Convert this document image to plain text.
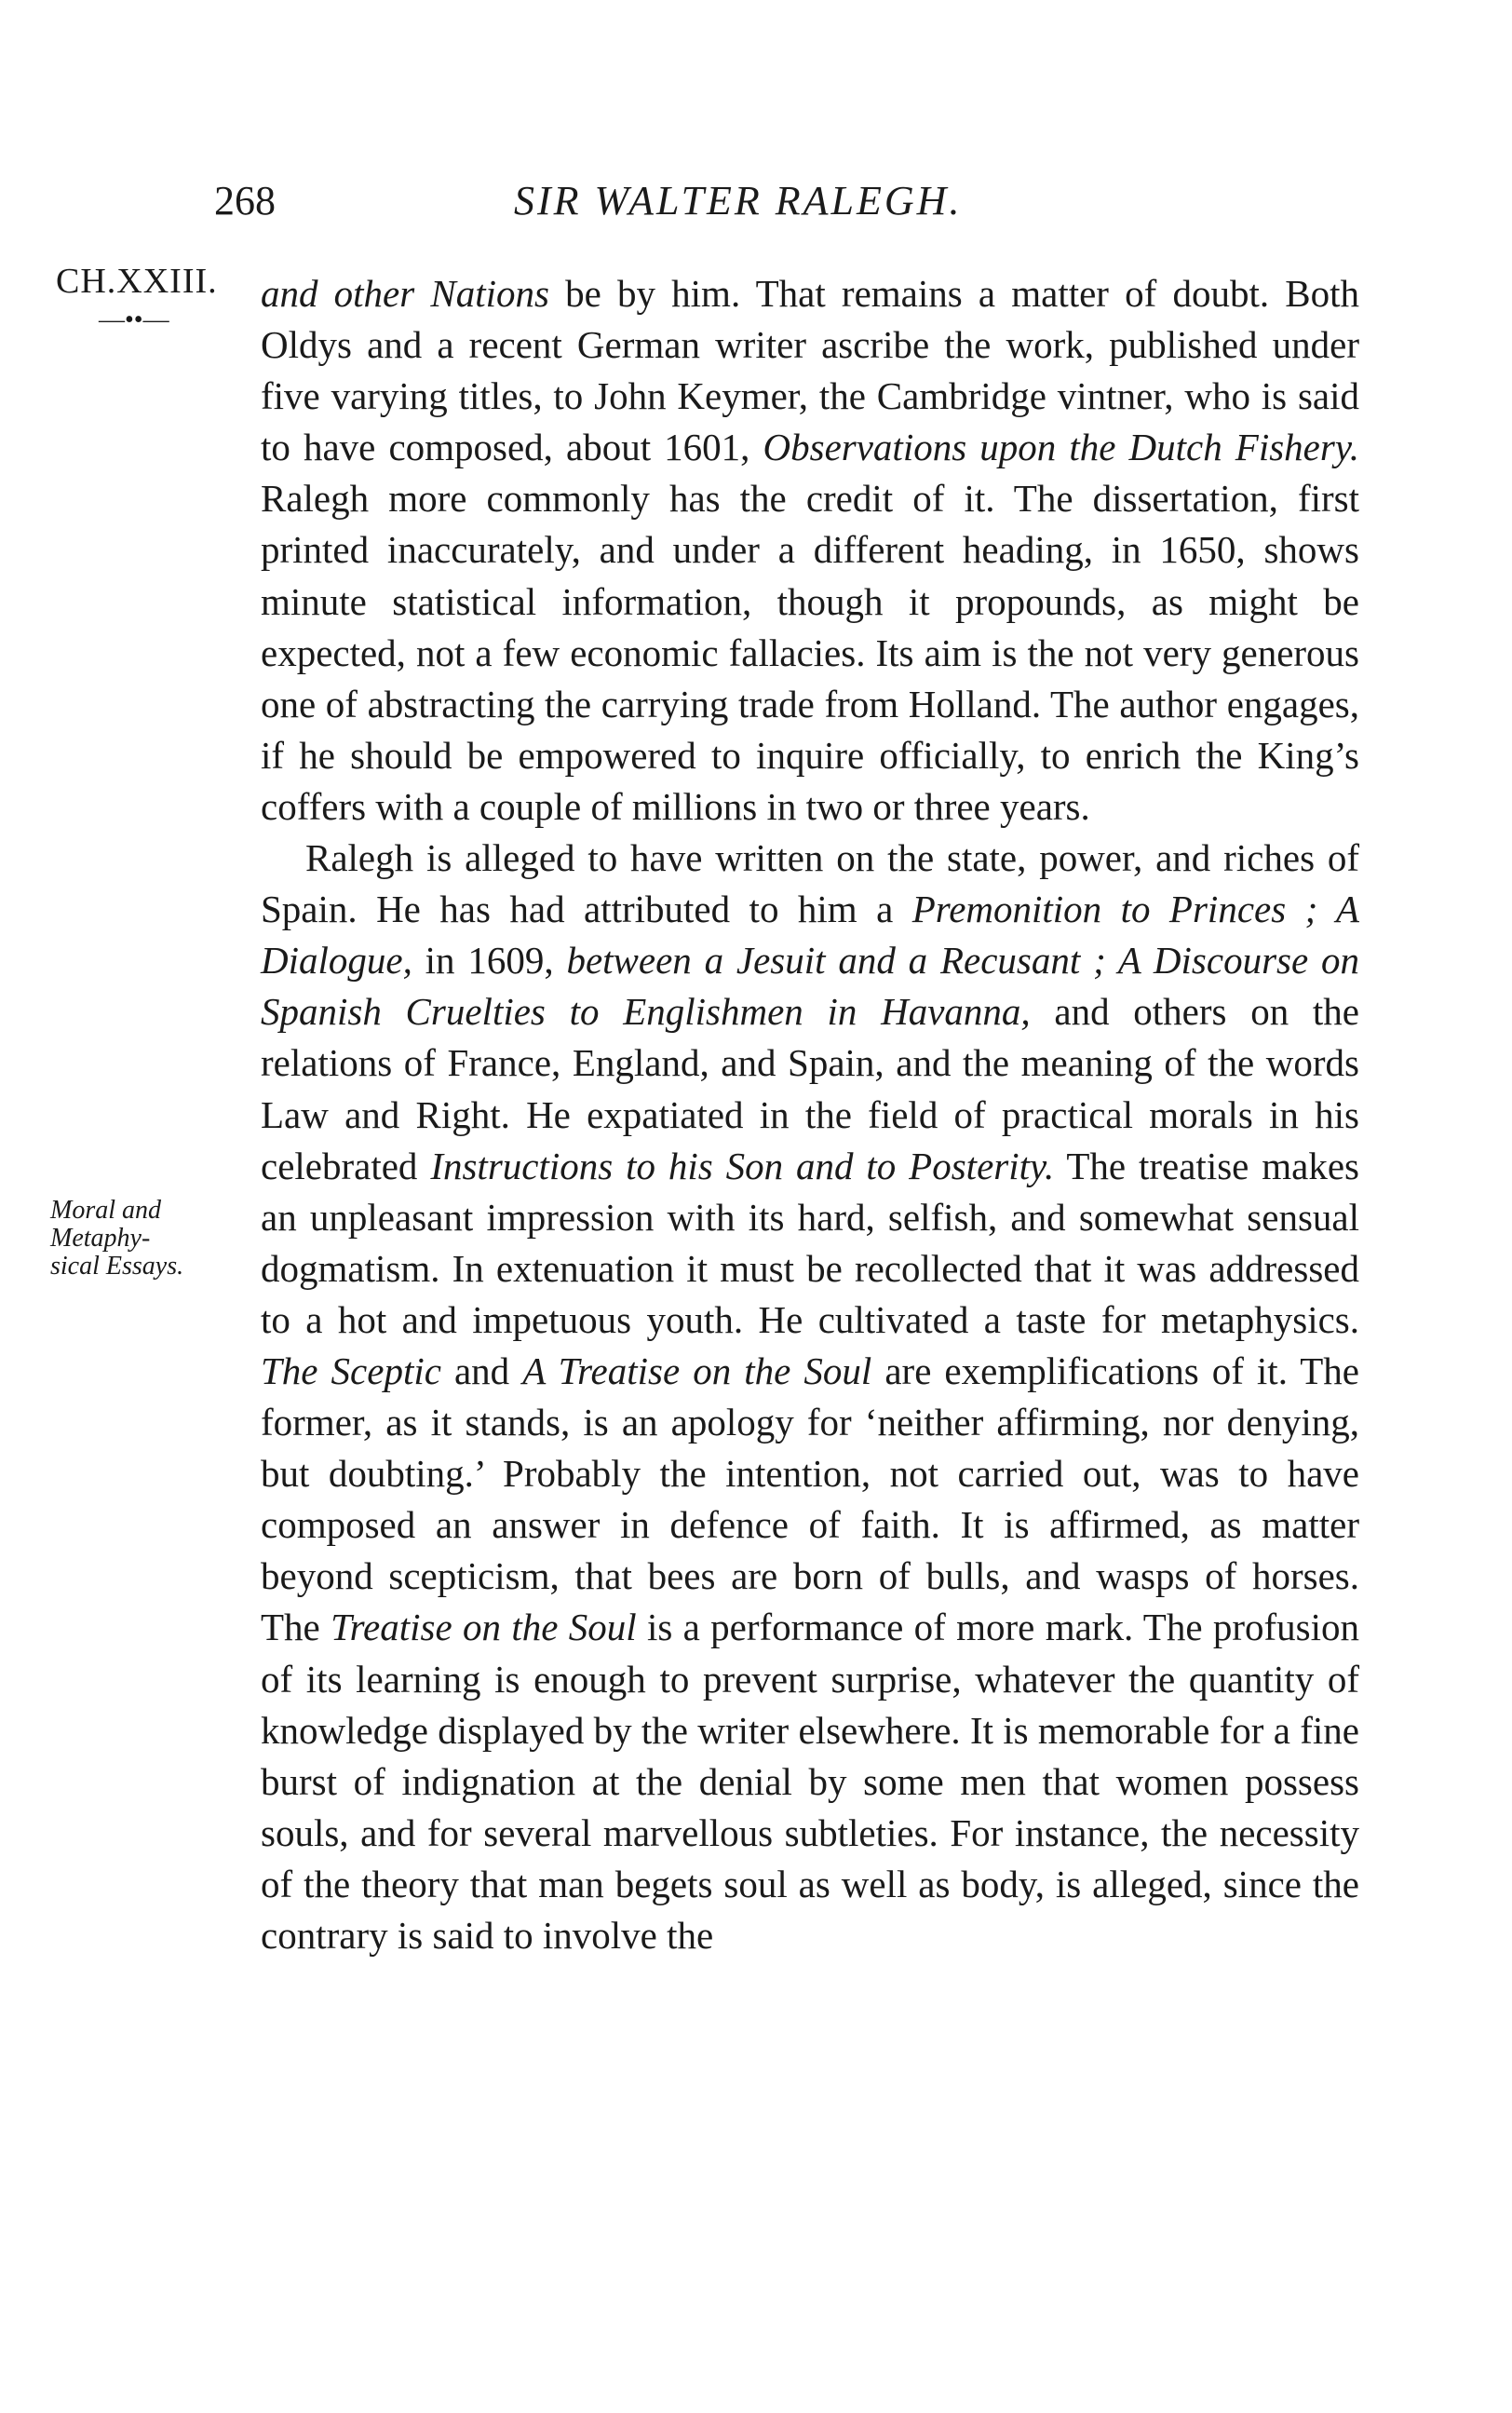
268	SIR WALTER RALEGH.
CH.XXIII.
—••—
Moral and
Metaphy-
sical Essays.

and other Nations be by him. That remains a matter of doubt. Both Oldys and a recent German writer ascribe the work, published under five varying titles, to John Keymer, the Cambridge vintner, who is said to have composed, about 1601, Observations upon the Dutch Fishery. Ralegh more commonly has the credit of it. The dissertation, first printed inaccurately, and under a different heading, in 1650, shows minute statistical information, though it propounds, as might be expected, not a few economic fallacies. Its aim is the not very generous one of abstracting the carrying trade from Holland. The author engages, if he should be empowered to inquire officially, to enrich the King’s coffers with a couple of millions in two or three years.

Ralegh is alleged to have written on the state, power, and riches of Spain. He has had attributed to him a Premonition to Princes ; A Dialogue, in 1609, between a Jesuit and a Recusant ; A Discourse on Spanish Cruelties to Englishmen in Havanna, and others on the relations of France, England, and Spain, and the meaning of the words Law and Right. He expatiated in the field of practical morals in his celebrated Instructions to his Son and to Posterity. The treatise makes an unpleasant impression with its hard, selfish, and somewhat sensual dogmatism. In extenuation it must be recollected that it was addressed to a hot and impetuous youth. He cultivated a taste for metaphysics. The Sceptic and A Treatise on the Soul are exemplifications of it. The former, as it stands, is an apology for ‘neither affirming, nor denying, but doubting.’ Probably the intention, not carried out, was to have composed an answer in defence of faith. It is affirmed, as matter beyond scepticism, that bees are born of bulls, and wasps of horses. The Treatise on the Soul is a performance of more mark. The profusion of its learning is enough to prevent surprise, whatever the quantity of knowledge displayed by the writer elsewhere. It is memorable for a fine burst of indignation at the denial by some men that women possess souls, and for several marvellous subtleties. For instance, the necessity of the theory that man begets soul as well as body, is alleged, since the contrary is said to involve the
